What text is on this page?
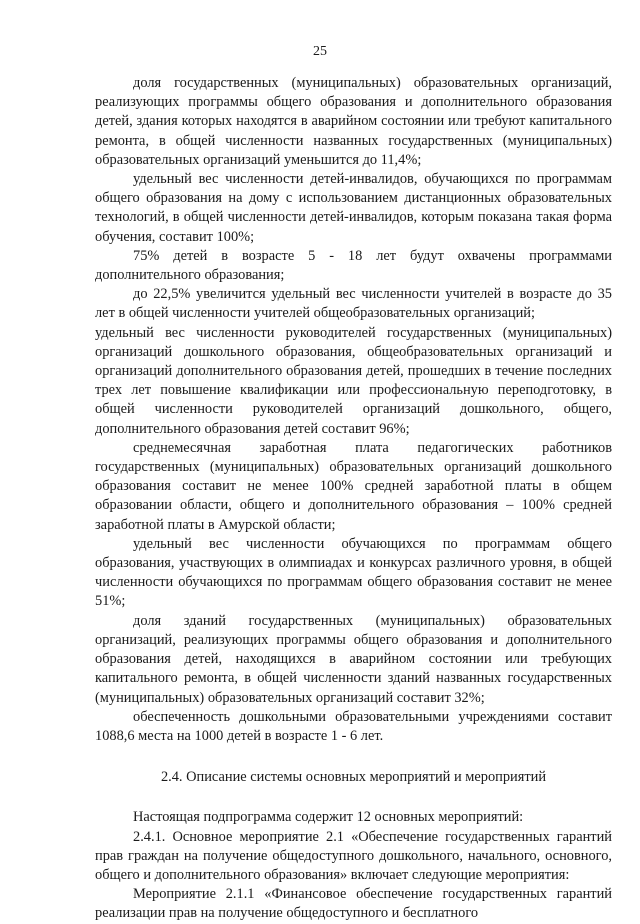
25

доля государственных (муниципальных) образовательных организаций, реализующих программы общего образования и дополнительного образования детей, здания которых находятся в аварийном состоянии или требуют капитального ремонта, в общей численности названных государственных (муниципальных) образовательных организаций уменьшится до 11,4%;

удельный вес численности детей-инвалидов, обучающихся по программам общего образования на дому с использованием дистанционных образовательных технологий, в общей численности детей-инвалидов, которым показана такая форма обучения, составит 100%;

75% детей в возрасте 5 - 18 лет будут охвачены программами дополнительного образования;

до 22,5% увеличится удельный вес численности учителей в возрасте до 35 лет в общей численности учителей общеобразовательных организаций;

удельный вес численности руководителей государственных (муниципальных) организаций дошкольного образования, общеобразовательных организаций и организаций дополнительного образования детей, прошедших в течение последних трех лет повышение квалификации или профессиональную переподготовку, в общей численности руководителей организаций дошкольного, общего, дополнительного образования детей составит 96%;

среднемесячная заработная плата педагогических работников государственных (муниципальных) образовательных организаций дошкольного образования составит не менее 100% средней заработной платы в общем образовании области, общего и дополнительного образования – 100% средней заработной платы в Амурской области;

удельный вес численности обучающихся по программам общего образования, участвующих в олимпиадах и конкурсах различного уровня, в общей численности обучающихся по программам общего образования составит не менее 51%;

доля зданий государственных (муниципальных) образовательных организаций, реализующих программы общего образования и дополнительного образования детей, находящихся в аварийном состоянии или требующих капитального ремонта, в общей численности зданий названных государственных (муниципальных) образовательных организаций составит 32%;

обеспеченность дошкольными образовательными учреждениями составит 1088,6 места на 1000 детей в возрасте 1 - 6 лет.

2.4. Описание системы основных мероприятий и мероприятий

Настоящая подпрограмма содержит 12 основных мероприятий:

2.4.1. Основное мероприятие 2.1 «Обеспечение государственных гарантий прав граждан на получение общедоступного дошкольного, начального, основного, общего и дополнительного образования» включает следующие мероприятия:

Мероприятие 2.1.1 «Финансовое обеспечение государственных гарантий реализации прав на получение общедоступного и бесплатного
